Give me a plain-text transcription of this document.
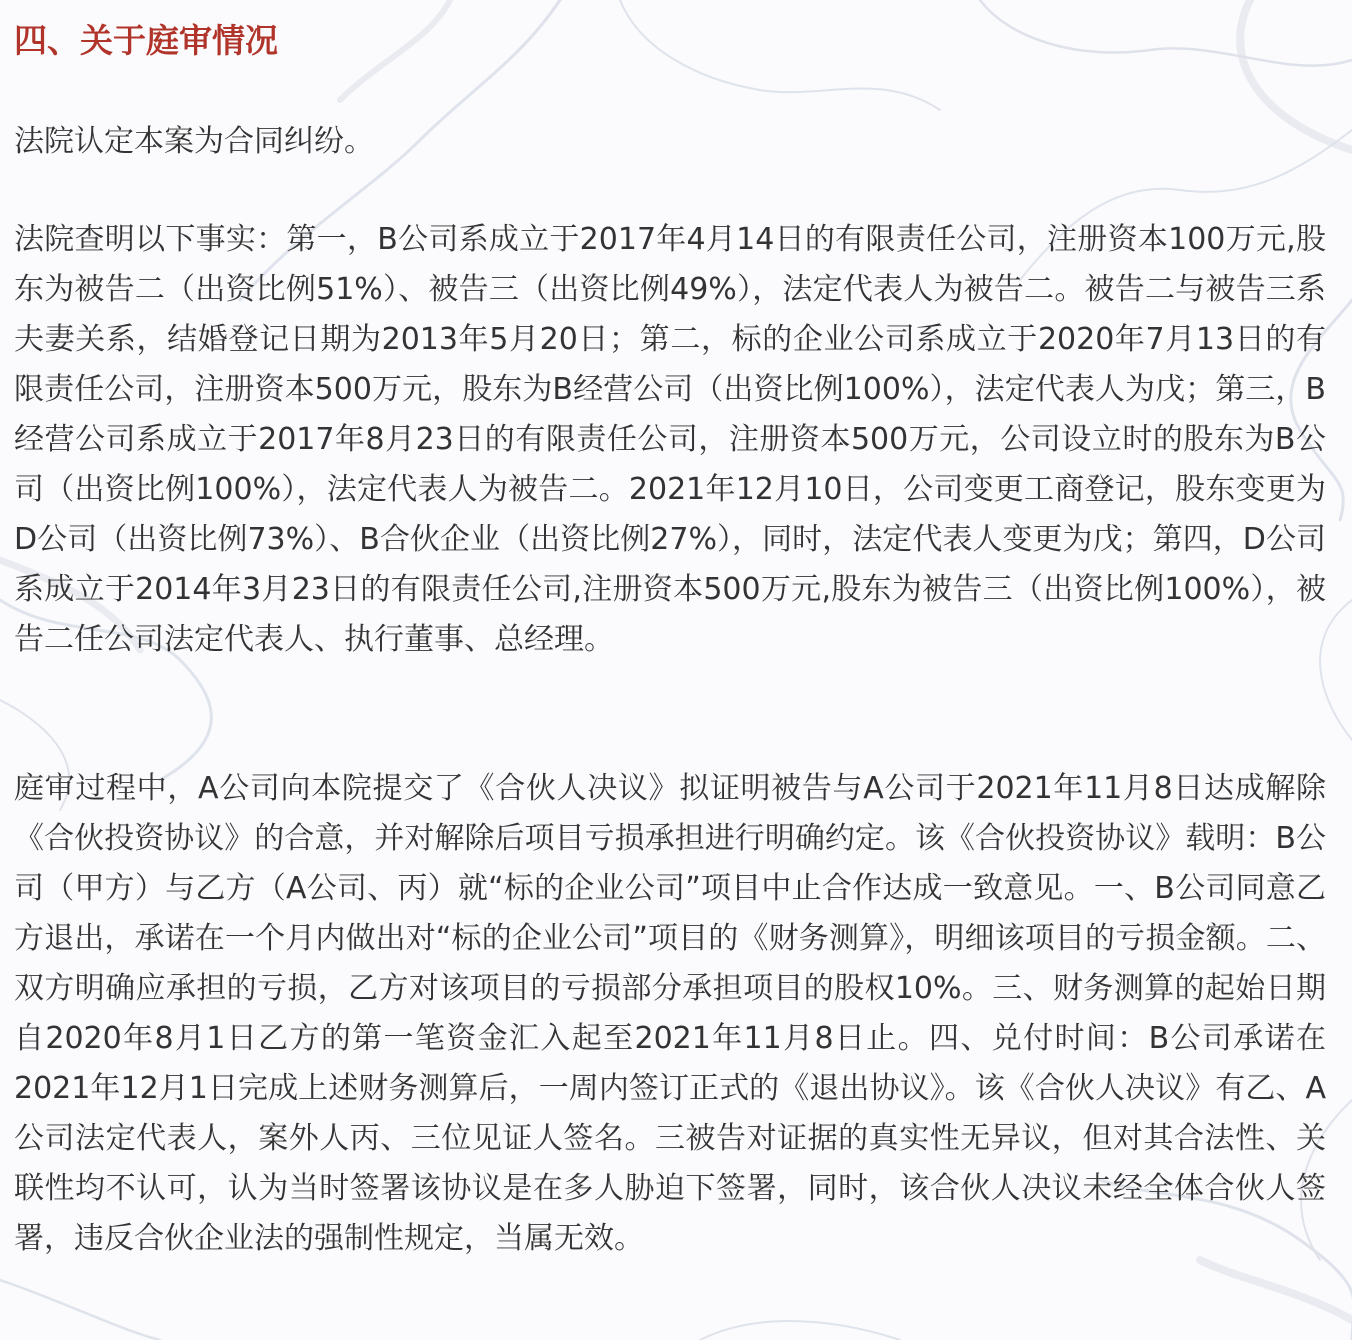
四、关于庭审情况

法院认定本案为合同纠纷。

法院查明以下事实：第一，B公司系成立于2017年4月14日的有限责任公司，注册资本100万元,股东为被告二（出资比例51%）、被告三（出资比例49%），法定代表人为被告二。被告二与被告三系夫妻关系，结婚登记日期为2013年5月20日；第二，标的企业公司系成立于2020年7月13日的有限责任公司，注册资本500万元，股东为B经营公司（出资比例100%），法定代表人为戊；第三，B经营公司系成立于2017年8月23日的有限责任公司，注册资本500万元，公司设立时的股东为B公司（出资比例100%），法定代表人为被告二。2021年12月10日，公司变更工商登记，股东变更为D公司（出资比例73%）、B合伙企业（出资比例27%），同时，法定代表人变更为戊；第四，D公司系成立于2014年3月23日的有限责任公司,注册资本500万元,股东为被告三（出资比例100%），被告二任公司法定代表人、执行董事、总经理。

庭审过程中，A公司向本院提交了《合伙人决议》拟证明被告与A公司于2021年11月8日达成解除《合伙投资协议》的合意，并对解除后项目亏损承担进行明确约定。该《合伙投资协议》载明：B公司（甲方）与乙方（A公司、丙）就“标的企业公司”项目中止合作达成一致意见。一、B公司同意乙方退出，承诺在一个月内做出对“标的企业公司”项目的《财务测算》，明细该项目的亏损金额。二、双方明确应承担的亏损，乙方对该项目的亏损部分承担项目的股权10%。三、财务测算的起始日期自2020年8月1日乙方的第一笔资金汇入起至2021年11月8日止。四、兑付时间：B公司承诺在2021年12月1日完成上述财务测算后，一周内签订正式的《退出协议》。该《合伙人决议》有乙、A公司法定代表人，案外人丙、三位见证人签名。三被告对证据的真实性无异议，但对其合法性、关联性均不认可，认为当时签署该协议是在多人胁迫下签署，同时，该合伙人决议未经全体合伙人签署，违反合伙企业法的强制性规定，当属无效。
